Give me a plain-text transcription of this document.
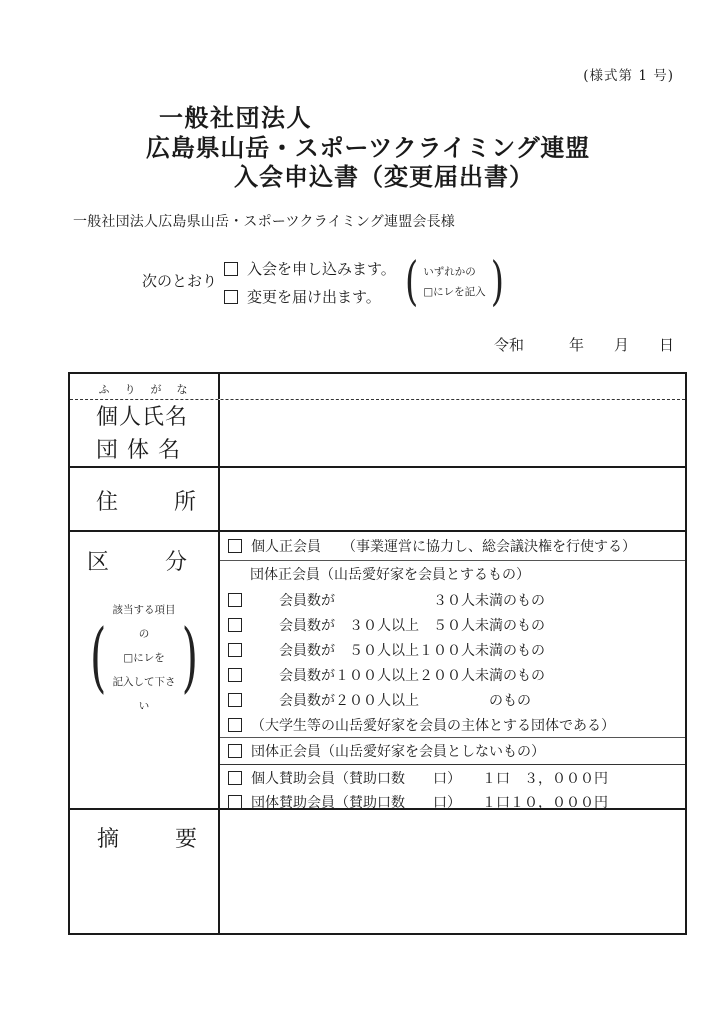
(様式第 1 号)
一般社団法人
広島県山岳・スポーツクライミング連盟
入会申込書（変更届出書）
一般社団法人広島県山岳・スポーツクライミング連盟会長様
次のとおり
入会を申し込みます。
変更を届け出ます。 ( いずれかの
□にレを記入 )
令和　　　年　　月　　日
ふ　り　が　な
個人氏名
団 体 名
住　　所
区　　分
(
該当する項目の
□にレを
記入して下さい
)
個人正会員　　（事業運営に協力し、総会議決権を行使する）
団体正会員（山岳愛好家を会員とするもの）
　　会員数が　　　　　　　３０人未満のもの
　　会員数が　３０人以上　５０人未満のもの
　　会員数が　５０人以上１００人未満のもの
　　会員数が１００人以上２００人未満のもの
　　会員数が２００人以上　　　　　のもの
（大学生等の山岳愛好家を会員の主体とする団体である）
団体正会員（山岳愛好家を会員としないもの）
個人賛助会員（賛助口数　　口）　　１口　３，０００円
団体賛助会員（賛助口数　　口）　　１口１０，０００円
摘　　要
